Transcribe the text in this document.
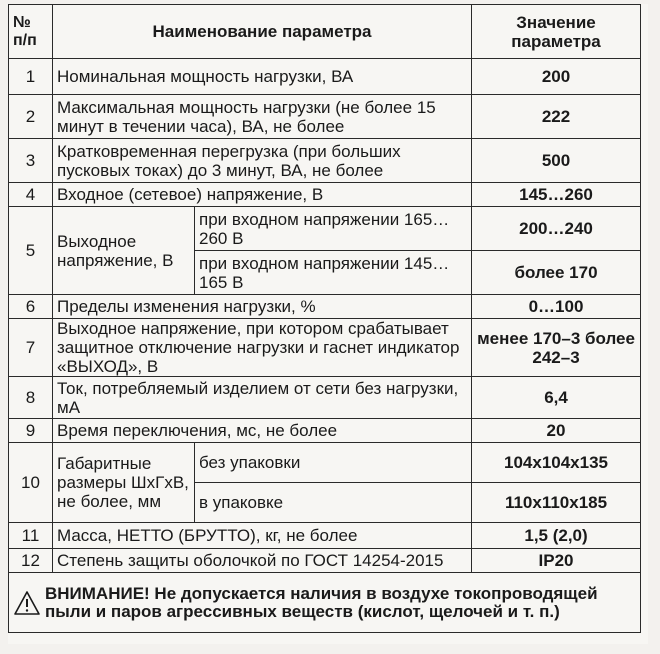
№ п/п	Наименование параметра		Значение параметра
1	Номинальная мощность нагрузки, ВА		200
2	Максимальная мощность нагрузки (не более 15 минут в течении часа), ВА, не более		222
3	Кратковременная перегрузка (при больших пусковых токах) до 3 минут, ВА, не более		500
4	Входное (сетевое) напряжение, В		145…260
5	Выходное напряжение, В	при входном напряжении 165…260 В	200…240
		при входном напряжении 145…165 В	более 170
6	Пределы изменения нагрузки, %		0…100
7	Выходное напряжение, при котором срабатывает защитное отключение нагрузки и гаснет индикатор «ВЫХОД», В		менее 170–3 более 242–3
8	Ток, потребляемый изделием от сети без нагрузки, мА		6,4
9	Время переключения, мс, не более		20
10	Габаритные размеры ШхГхВ, не более, мм	без упаковки	104x104x135
		в упаковке	110x110x185
11	Масса, НЕТТО (БРУТТО), кг, не более		1,5 (2,0)
12	Степень защиты оболочкой по ГОСТ 14254-2015		IP20

ВНИМАНИЕ! Не допускается наличия в воздухе токопроводящей пыли и паров агрессивных веществ (кислот, щелочей и т. п.)			
